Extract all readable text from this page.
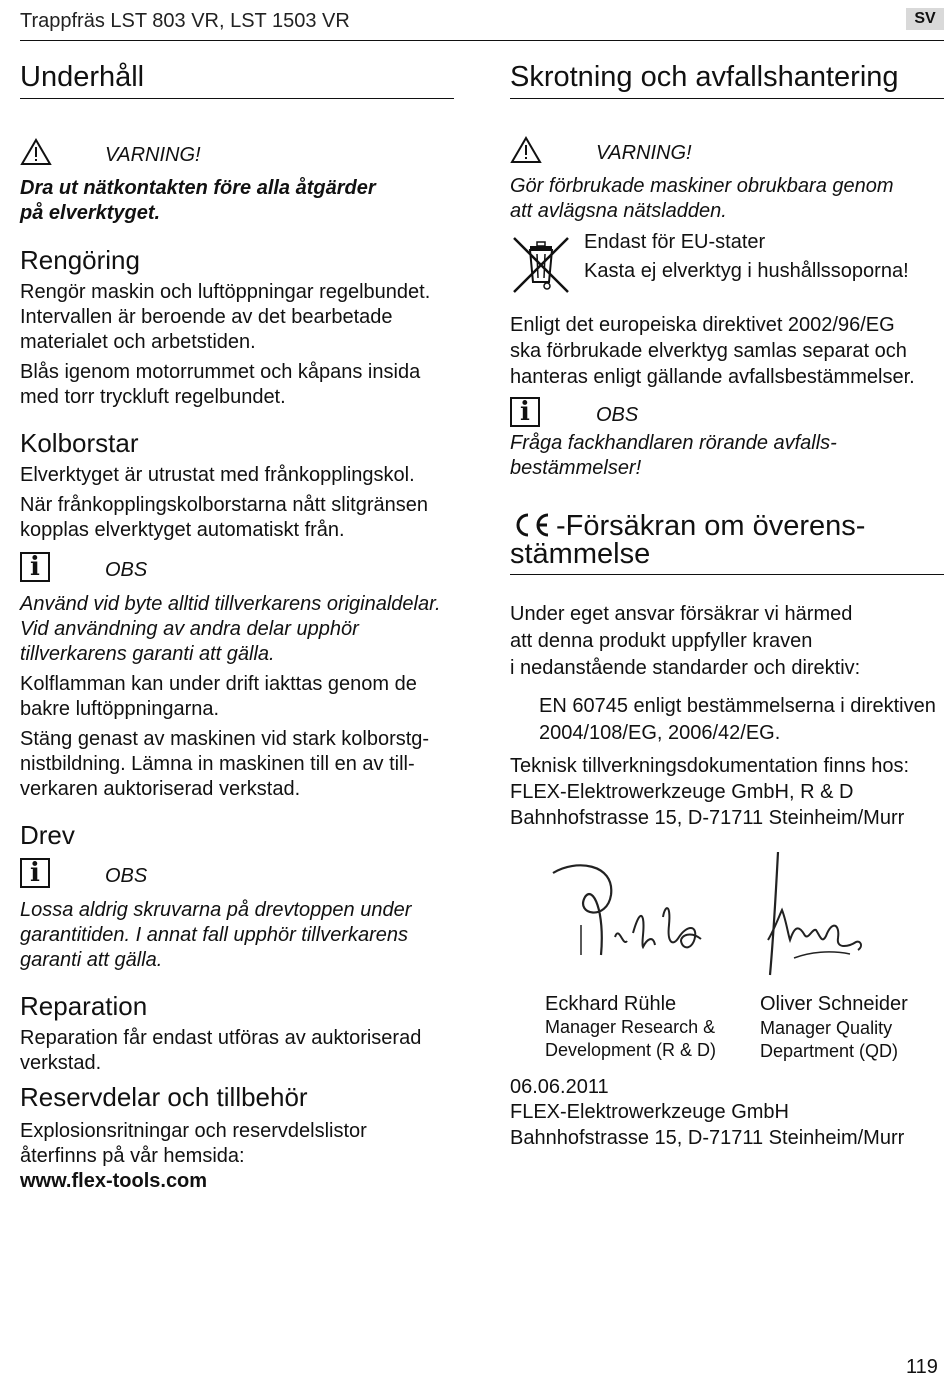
Trappfräs LST 803 VR, LST 1503 VR	SV
Underhåll
VARNING!

Dra ut nätkontakten före alla åtgärder

på elverktyget.

Rengöring

Rengör maskin och luftöppningar regelbundet.

Intervallen är beroende av det bearbetade

materialet och arbetstiden.

Blås igenom motorrummet och kåpans insida

med torr tryckluft regelbundet.

Kolborstar

Elverktyget är utrustat med frånkopplingskol.

När frånkopplingskolborstarna nått slitgränsen

kopplas elverktyget automatiskt från.

i	OBS

Använd vid byte alltid tillverkarens originaldelar.

Vid användning av andra delar upphör

tillverkarens garanti att gälla.

Kolflamman kan under drift iakttas genom de

bakre luftöppningarna.

Stäng genast av maskinen vid stark kolborstg-

nistbildning. Lämna in maskinen till en av till-

verkaren auktoriserad verkstad.

Drev
i	OBS

Lossa aldrig skruvarna på drevtoppen under

garantitiden. I annat fall upphör tillverkarens

garanti att gälla.

Reparation

Reparation får endast utföras av auktoriserad

verkstad.

Reservdelar och tillbehör

Explosionsritningar och reservdelslistor

återfinns på vår hemsida:

www.flex-tools.com

Skrotning och avfallshantering
VARNING!

Gör förbrukade maskiner obrukbara genom

att avlägsna nätsladden.

Endast för EU-stater

Kasta ej elverktyg i hushållssoporna!

Enligt det europeiska direktivet 2002/96/EG

ska förbrukade elverktyg samlas separat och

hanteras enligt gällande avfallsbestämmelser.

i	OBS

Fråga fackhandlaren rörande avfalls-

bestämmelser!

-Försäkran om överens-
stämmelse

Under eget ansvar försäkrar vi härmed

att denna produkt uppfyller kraven

i nedanstående standarder och direktiv:

EN 60745 enligt bestämmelserna i direktiven

2004/108/EG, 2006/42/EG.

Teknisk tillverkningsdokumentation finns hos:

FLEX-Elektrowerkzeuge GmbH, R & D

Bahnhofstrasse 15, D-71711 Steinheim/Murr

Eckhard Rühle
Manager Research &
Development (R & D)
Oliver Schneider
Manager Quality
Department (QD)

06.06.2011

FLEX-Elektrowerkzeuge GmbH

Bahnhofstrasse 15, D-71711 Steinheim/Murr

119
